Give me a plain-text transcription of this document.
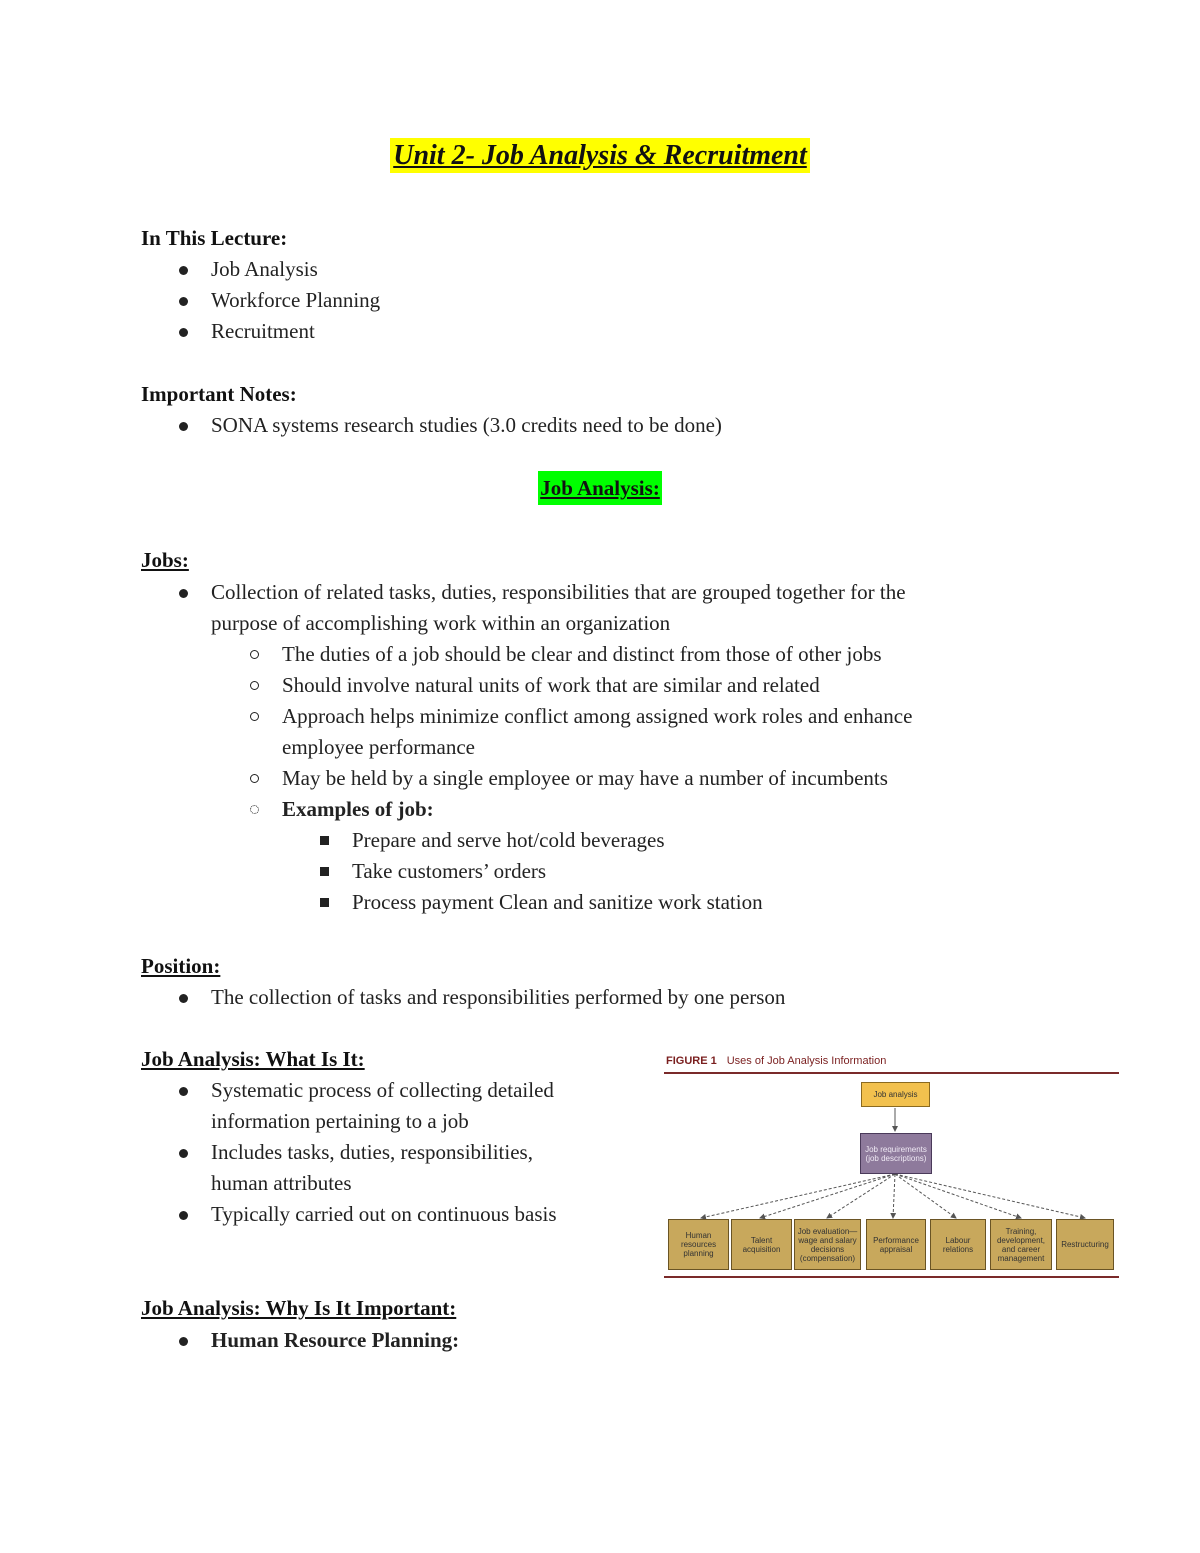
Unit 2- Job Analysis & Recruitment
In This Lecture:
Job Analysis
Workforce Planning
Recruitment
Important Notes:
SONA systems research studies (3.0 credits need to be done)
Job Analysis:
Jobs:
Collection of related tasks, duties, responsibilities that are grouped together for the
purpose of accomplishing work within an organization
The duties of a job should be clear and distinct from those of other jobs
Should involve natural units of work that are similar and related
Approach helps minimize conflict among assigned work roles and enhance
employee performance
May be held by a single employee or may have a number of incumbents
Examples of job:
Prepare and serve hot/cold beverages
Take customers’ orders
Process payment Clean and sanitize work station
Position:
The collection of tasks and responsibilities performed by one person
Job Analysis: What Is It:
Systematic process of collecting detailed
information pertaining to a job
Includes tasks, duties, responsibilities,
human attributes
Typically carried out on continuous basis
Job Analysis: Why Is It Important:
Human Resource Planning:
FIGURE 1 Uses of Job Analysis Information
Job analysis
Job requirements (job descriptions)
Human resources planning
Talent acquisition
Job evaluation—wage and salary decisions (compensation)
Performance appraisal
Labour relations
Training, development, and career management
Restructuring
